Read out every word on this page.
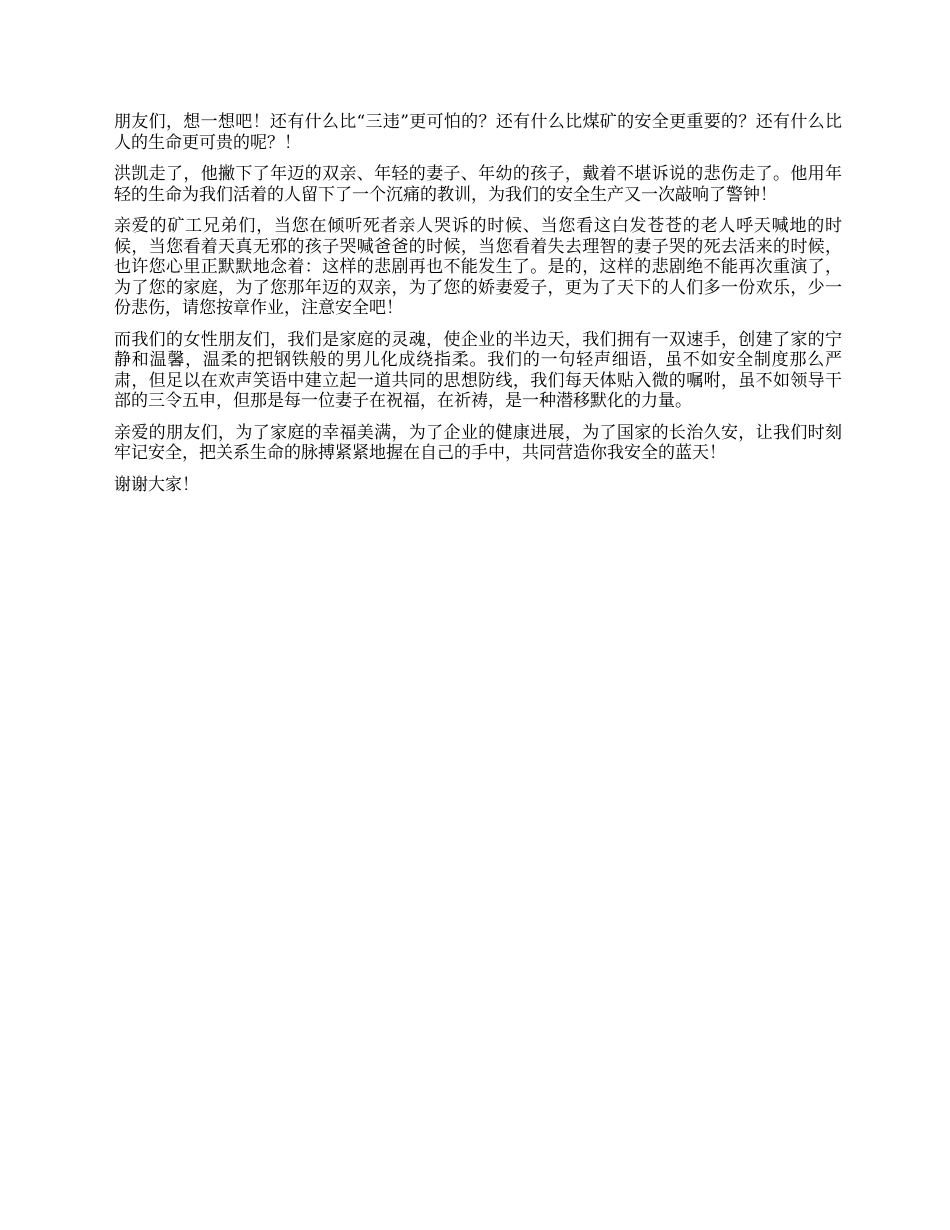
朋友们，想一想吧！还有什么比“三违”更可怕的？还有什么比煤矿的安全更重要的？还有什么比人的生命更可贵的呢？！

洪凯走了，他撇下了年迈的双亲、年轻的妻子、年幼的孩子，戴着不堪诉说的悲伤走了。他用年轻的生命为我们活着的人留下了一个沉痛的教训，为我们的安全生产又一次敲响了警钟！

亲爱的矿工兄弟们，当您在倾听死者亲人哭诉的时候、当您看这白发苍苍的老人呼天喊地的时候，当您看着天真无邪的孩子哭喊爸爸的时候，当您看着失去理智的妻子哭的死去活来的时候，也许您心里正默默地念着：这样的悲剧再也不能发生了。是的，这样的悲剧绝不能再次重演了，为了您的家庭，为了您那年迈的双亲，为了您的娇妻爱子，更为了天下的人们多一份欢乐，少一份悲伤，请您按章作业，注意安全吧！

而我们的女性朋友们，我们是家庭的灵魂，使企业的半边天，我们拥有一双速手，创建了家的宁静和温馨，温柔的把钢铁般的男儿化成绕指柔。我们的一句轻声细语，虽不如安全制度那么严肃，但足以在欢声笑语中建立起一道共同的思想防线，我们每天体贴入微的嘱咐，虽不如领导干部的三令五申，但那是每一位妻子在祝福，在祈祷，是一种潜移默化的力量。

亲爱的朋友们，为了家庭的幸福美满，为了企业的健康进展，为了国家的长治久安，让我们时刻牢记安全，把关系生命的脉搏紧紧地握在自己的手中，共同营造你我安全的蓝天！

谢谢大家！
